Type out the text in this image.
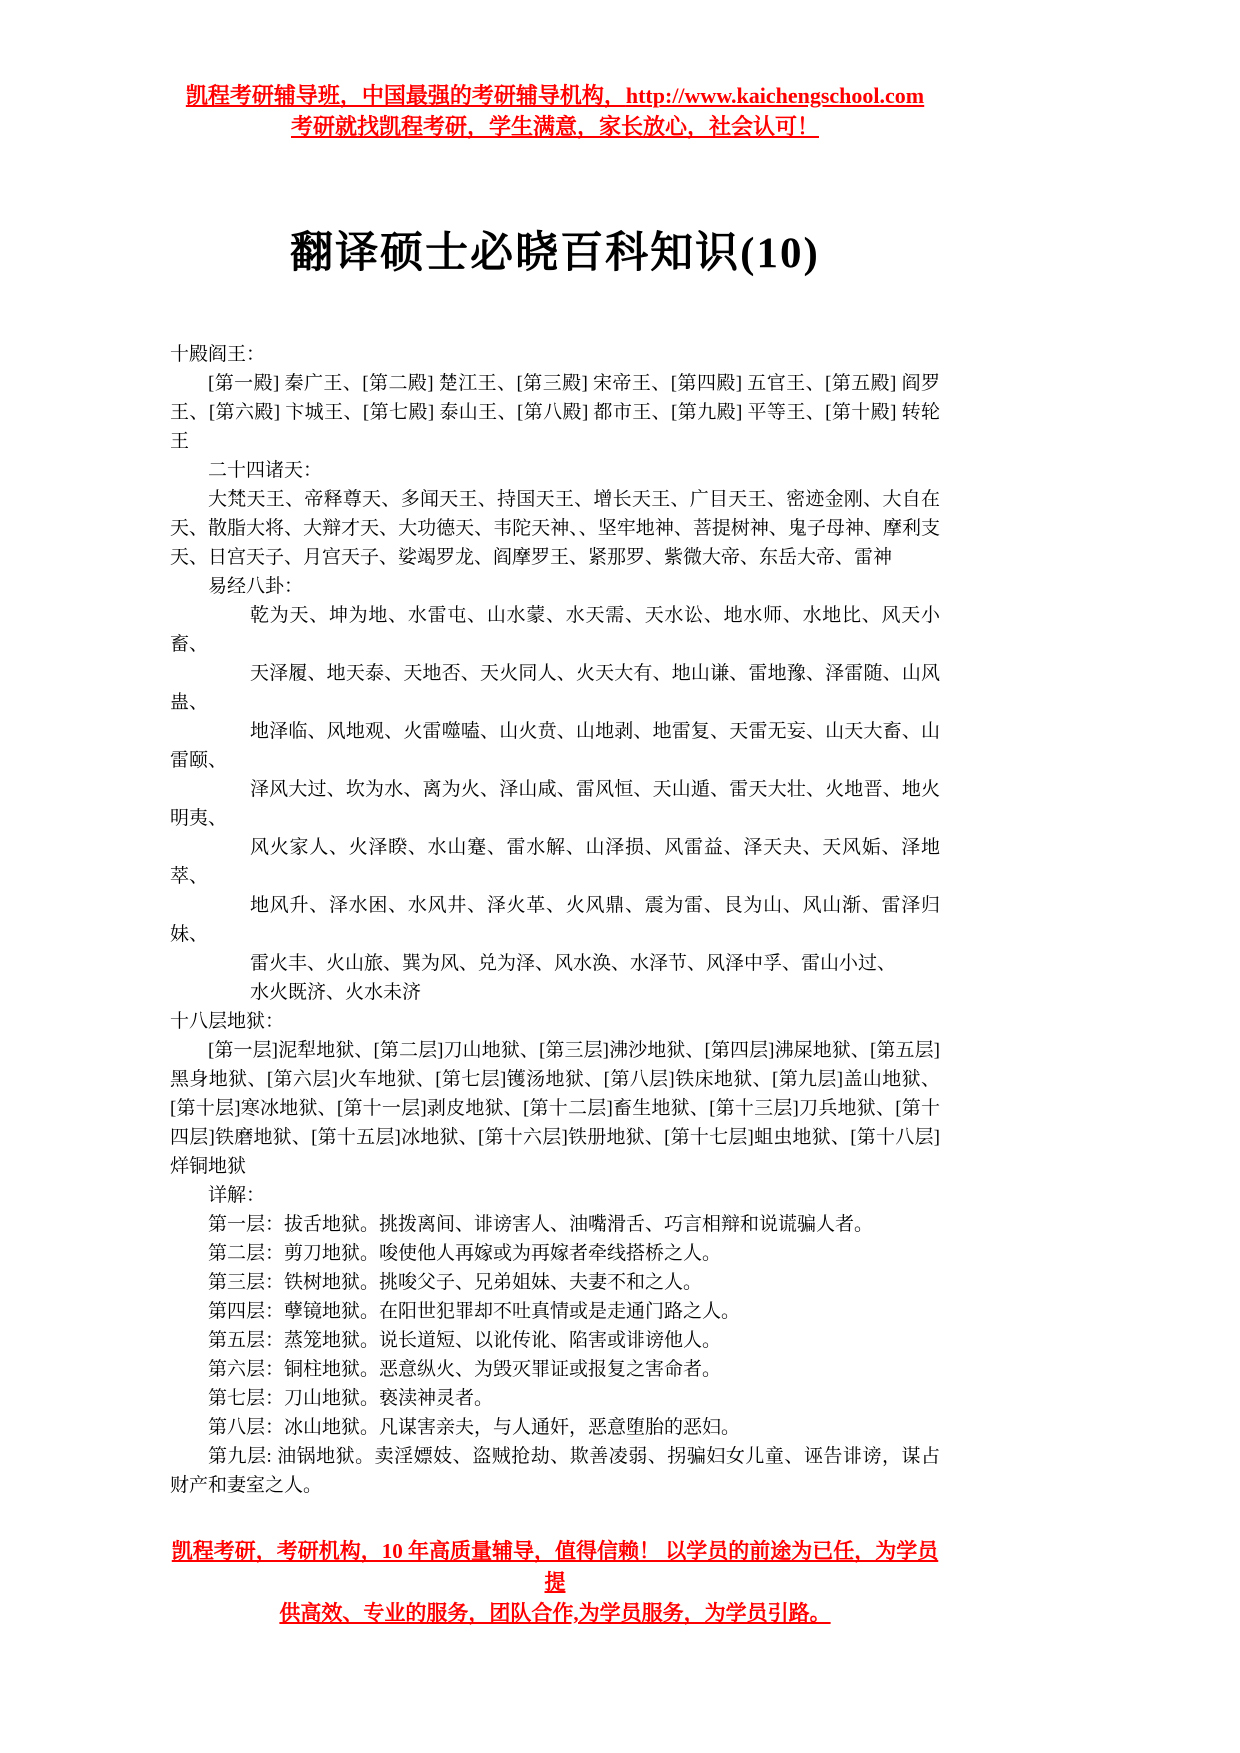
凯程考研辅导班，中国最强的考研辅导机构，http://www.kaichengschool.com

考研就找凯程考研，学生满意，家长放心，社会认可！

翻译硕士必晓百科知识(10)

十殿阎王：

[第一殿] 秦广王、[第二殿] 楚江王、[第三殿] 宋帝王、[第四殿] 五官王、[第五殿] 阎罗王、[第六殿] 卞城王、[第七殿] 泰山王、[第八殿] 都市王、[第九殿] 平等王、[第十殿] 转轮王

二十四诸天：

大梵天王、帝释尊天、多闻天王、持国天王、增长天王、广目天王、密迹金刚、大自在天、散脂大将、大辩才天、大功德天、韦陀天神、、坚牢地神、菩提树神、鬼子母神、摩利支天、日宫天子、月宫天子、娑竭罗龙、阎摩罗王、紧那罗、紫微大帝、东岳大帝、雷神

易经八卦：

乾为天、坤为地、水雷屯、山水蒙、水天需、天水讼、地水师、水地比、风天小畜、

天泽履、地天泰、天地否、天火同人、火天大有、地山谦、雷地豫、泽雷随、山风蛊、

地泽临、风地观、火雷噬嗑、山火贲、山地剥、地雷复、天雷无妄、山天大畜、山雷颐、

泽风大过、坎为水、离为火、泽山咸、雷风恒、天山遁、雷天大壮、火地晋、地火明夷、

风火家人、火泽睽、水山蹇、雷水解、山泽损、风雷益、泽天夬、天风姤、泽地萃、

地风升、泽水困、水风井、泽火革、火风鼎、震为雷、艮为山、风山渐、雷泽归妹、

雷火丰、火山旅、巽为风、兑为泽、风水涣、水泽节、风泽中孚、雷山小过、

水火既济、火水未济

十八层地狱：

[第一层]泥犁地狱、[第二层]刀山地狱、[第三层]沸沙地狱、[第四层]沸屎地狱、[第五层]黑身地狱、[第六层]火车地狱、[第七层]镬汤地狱、[第八层]铁床地狱、[第九层]盖山地狱、[第十层]寒冰地狱、[第十一层]剥皮地狱、[第十二层]畜生地狱、[第十三层]刀兵地狱、[第十四层]铁磨地狱、[第十五层]冰地狱、[第十六层]铁册地狱、[第十七层]蛆虫地狱、[第十八层]烊铜地狱

详解：

第一层：拔舌地狱。挑拨离间、诽谤害人、油嘴滑舌、巧言相辩和说谎骗人者。

第二层：剪刀地狱。唆使他人再嫁或为再嫁者牵线搭桥之人。

第三层：铁树地狱。挑唆父子、兄弟姐妹、夫妻不和之人。

第四层：孽镜地狱。在阳世犯罪却不吐真情或是走通门路之人。

第五层：蒸笼地狱。说长道短、以讹传讹、陷害或诽谤他人。

第六层：铜柱地狱。恶意纵火、为毁灭罪证或报复之害命者。

第七层：刀山地狱。亵渎神灵者。

第八层：冰山地狱。凡谋害亲夫，与人通奸，恶意堕胎的恶妇。

第九层: 油锅地狱。卖淫嫖妓、盗贼抢劫、欺善凌弱、拐骗妇女儿童、诬告诽谤，谋占财产和妻室之人。

凯程考研，考研机构，10 年高质量辅导，值得信赖！ 以学员的前途为已任，为学员提

供高效、专业的服务，团队合作,为学员服务，为学员引路。
